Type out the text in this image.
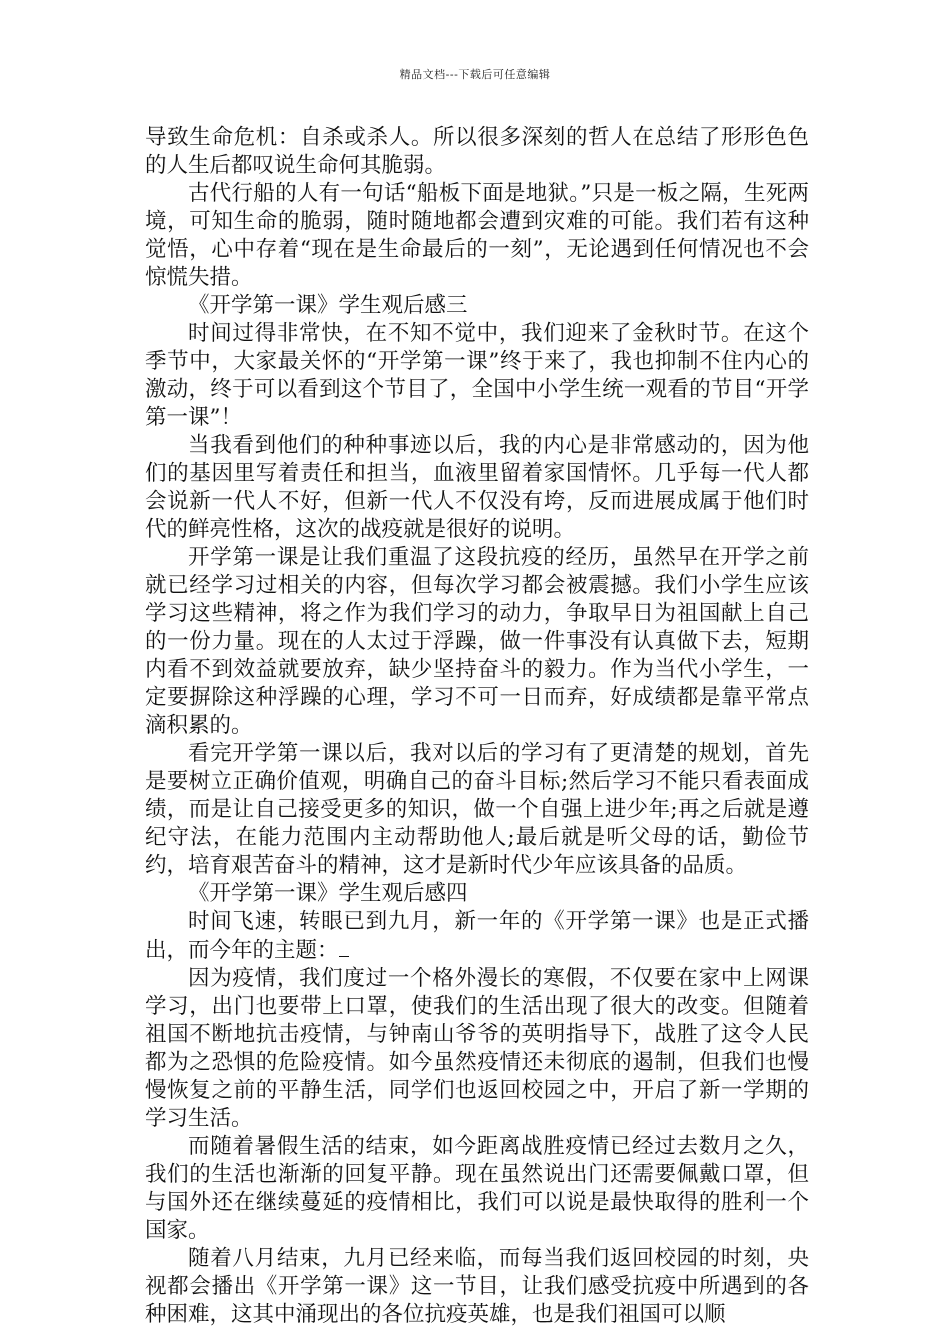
精品文档---下载后可任意编辑

导致生命危机：自杀或杀人。所以很多深刻的哲人在总结了形形色色的人生后都叹说生命何其脆弱。

古代行船的人有一句话“船板下面是地狱。”只是一板之隔，生死两境，可知生命的脆弱，随时随地都会遭到灾难的可能。我们若有这种觉悟，心中存着“现在是生命最后的一刻”，无论遇到任何情况也不会惊慌失措。

《开学第一课》学生观后感三

时间过得非常快，在不知不觉中，我们迎来了金秋时节。在这个季节中，大家最关怀的“开学第一课”终于来了，我也抑制不住内心的激动，终于可以看到这个节目了，全国中小学生统一观看的节目“开学第一课”！

当我看到他们的种种事迹以后，我的内心是非常感动的，因为他们的基因里写着责任和担当，血液里留着家国情怀。几乎每一代人都会说新一代人不好，但新一代人不仅没有垮，反而进展成属于他们时代的鲜亮性格，这次的战疫就是很好的说明。

开学第一课是让我们重温了这段抗疫的经历，虽然早在开学之前就已经学习过相关的内容，但每次学习都会被震撼。我们小学生应该学习这些精神，将之作为我们学习的动力，争取早日为祖国献上自己的一份力量。现在的人太过于浮躁，做一件事没有认真做下去，短期内看不到效益就要放弃，缺少坚持奋斗的毅力。作为当代小学生，一定要摒除这种浮躁的心理，学习不可一日而弃，好成绩都是靠平常点滴积累的。

看完开学第一课以后，我对以后的学习有了更清楚的规划，首先是要树立正确价值观，明确自己的奋斗目标;然后学习不能只看表面成绩，而是让自己接受更多的知识，做一个自强上进少年;再之后就是遵纪守法，在能力范围内主动帮助他人;最后就是听父母的话，勤俭节约，培育艰苦奋斗的精神，这才是新时代少年应该具备的品质。

《开学第一课》学生观后感四

时间飞速，转眼已到九月，新一年的《开学第一课》也是正式播出，而今年的主题：

因为疫情，我们度过一个格外漫长的寒假，不仅要在家中上网课学习，出门也要带上口罩，使我们的生活出现了很大的改变。但随着祖国不断地抗击疫情，与钟南山爷爷的英明指导下，战胜了这令人民都为之恐惧的危险疫情。如今虽然疫情还未彻底的遏制，但我们也慢慢恢复之前的平静生活，同学们也返回校园之中，开启了新一学期的学习生活。

而随着暑假生活的结束，如今距离战胜疫情已经过去数月之久，我们的生活也渐渐的回复平静。现在虽然说出门还需要佩戴口罩，但与国外还在继续蔓延的疫情相比，我们可以说是最快取得的胜利一个国家。

随着八月结束，九月已经来临，而每当我们返回校园的时刻，央视都会播出《开学第一课》这一节目，让我们感受抗疫中所遇到的各种困难，这其中涌现出的各位抗疫英雄，也是我们祖国可以顺
